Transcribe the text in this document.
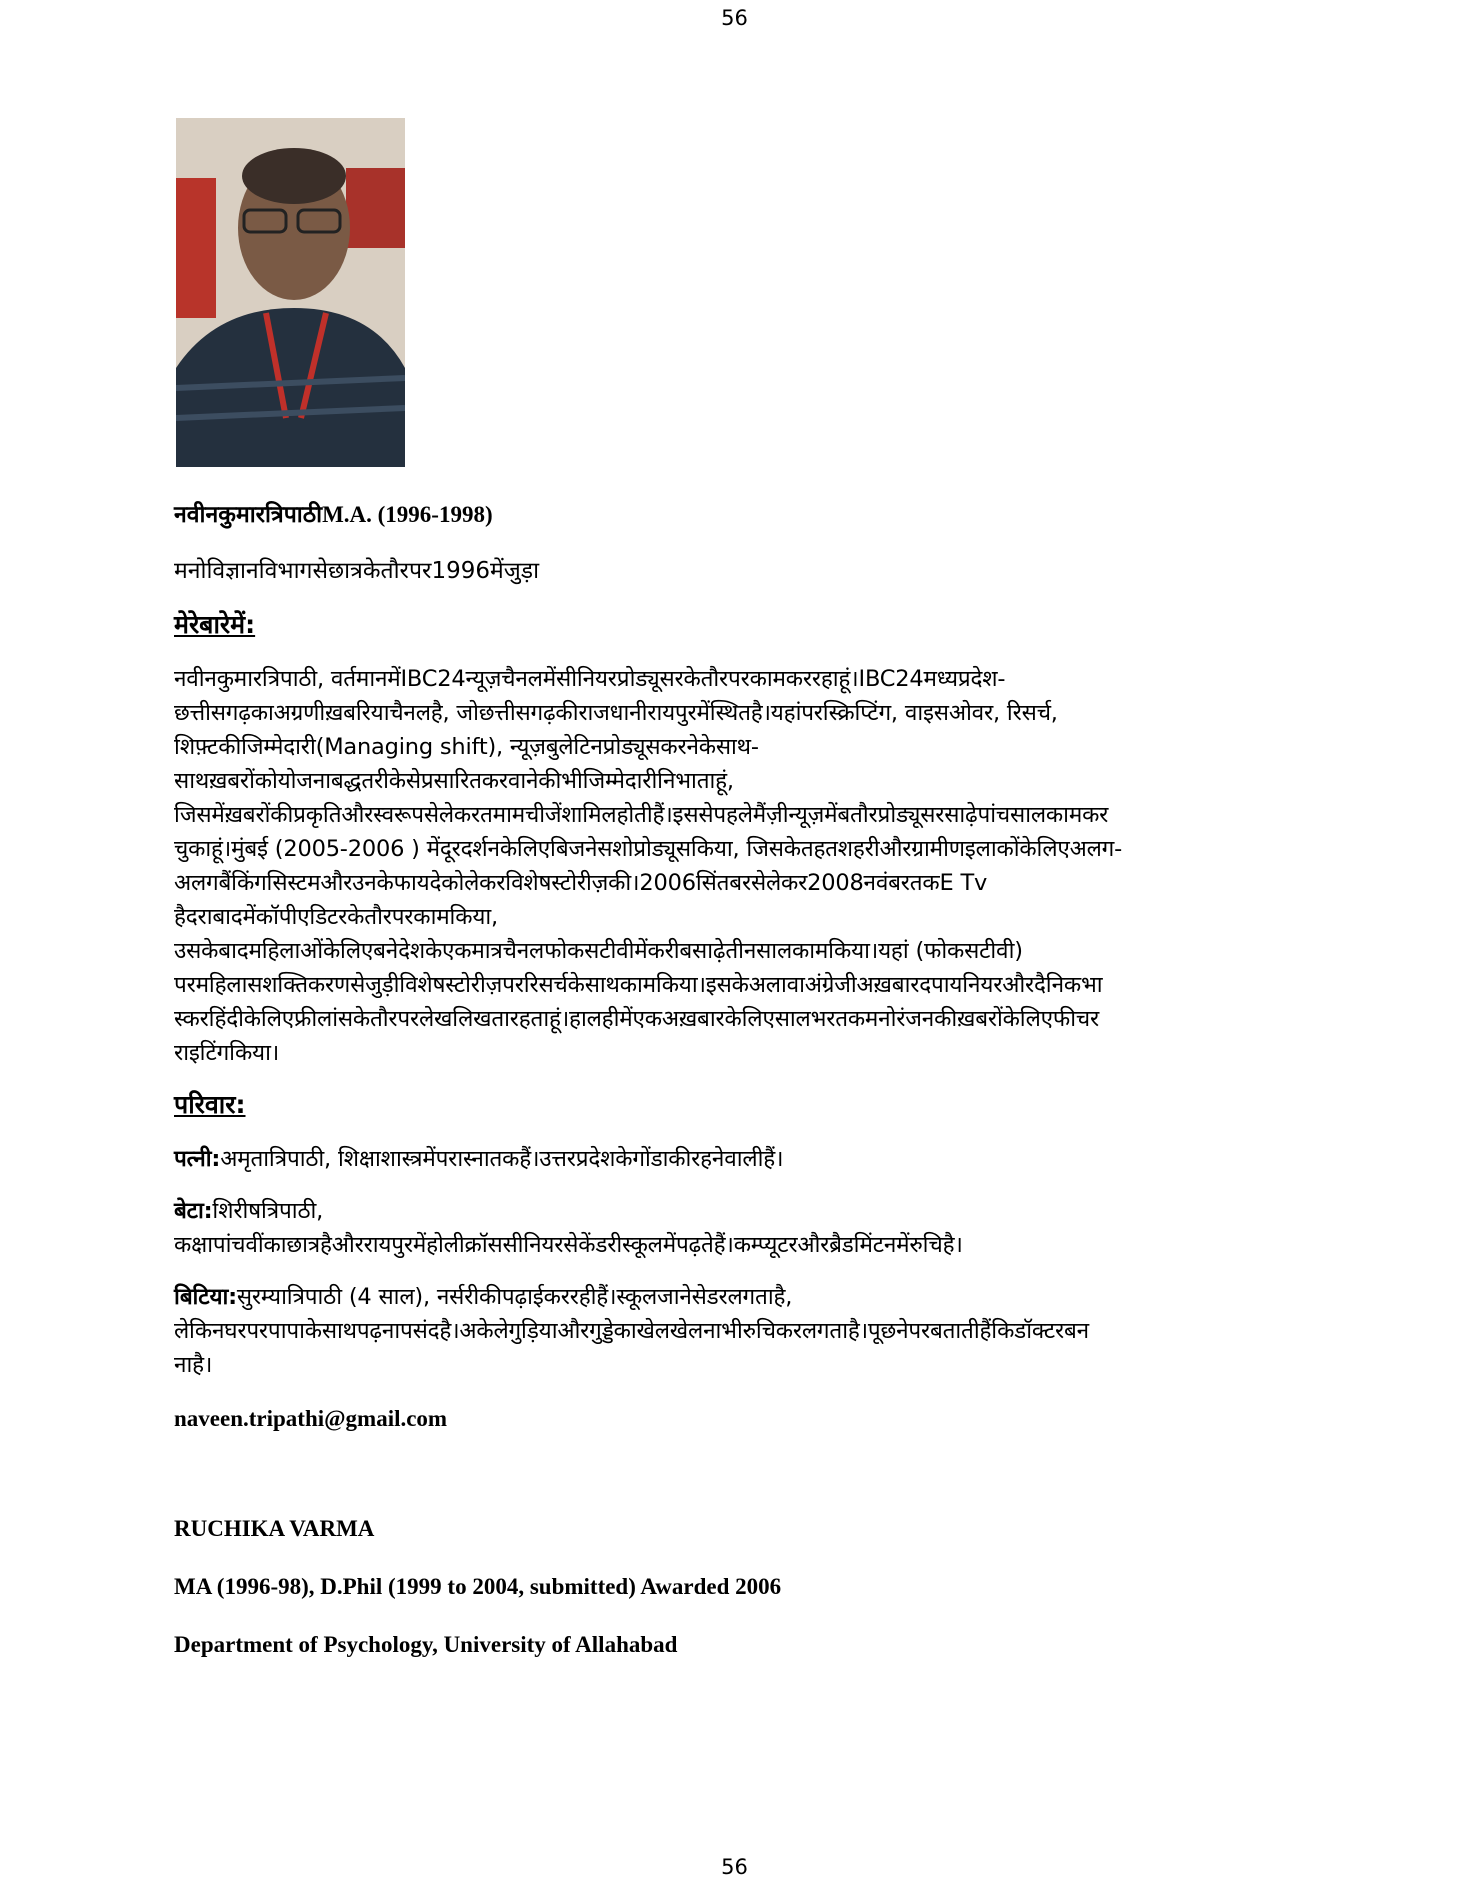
56

नवीनकुमारत्रिपाठीM.A. (1996-1998)

मनोविज्ञानविभागसेछात्रकेतौरपर1996मेंजुड़ा

मेरेबारेमें:

नवीनकुमारत्रिपाठी, वर्तमानमेंIBC24न्यूज़चैनलमेंसीनियरप्रोड्यूसरकेतौरपरकामकररहाहूं।IBC24मध्यप्रदेश-
छत्तीसगढ़काअग्रणीख़बरियाचैनलहै, जोछत्तीसगढ़कीराजधानीरायपुरमेंस्थितहै।यहांपरस्क्रिप्टिंग, वाइसओवर, रिसर्च,
शिफ़्टकीजिम्मेदारी(Managing shift), न्यूज़बुलेटिनप्रोड्यूसकरनेकेसाथ-
साथख़बरोंकोयोजनाबद्धतरीकेसेप्रसारितकरवानेकीभीजिम्मेदारीनिभाताहूं,
जिसमेंख़बरोंकीप्रकृतिऔरस्वरूपसेलेकरतमामचीजेंशामिलहोतीहैं।इससेपहलेमैंज़ीन्यूज़मेंबतौरप्रोड्यूसरसाढ़ेपांचसालकामकर
चुकाहूं।मुंबई (2005-2006 ) मेंदूरदर्शनकेलिएबिजनेसशोप्रोड्यूसकिया, जिसकेतहतशहरीऔरग्रामीणइलाकोंकेलिएअलग-
अलगबैंकिंगसिस्टमऔरउनकेफायदेकोलेकरविशेषस्टोरीज़की।2006सिंतबरसेलेकर2008नवंबरतकE Tv
हैदराबादमेंकॉपीएडिटरकेतौरपरकामकिया,
उसकेबादमहिलाओंकेलिएबनेदेशकेएकमात्रचैनलफोकसटीवीमेंकरीबसाढ़ेतीनसालकामकिया।यहां (फोकसटीवी)
परमहिलासशक्तिकरणसेजुड़ीविशेषस्टोरीज़पररिसर्चकेसाथकामकिया।इसकेअलावाअंग्रेजीअख़बारदपायनियरऔरदैनिकभा
स्करहिंदीकेलिएफ्रीलांसकेतौरपरलेखलिखतारहताहूं।हालहीमेंएकअख़बारकेलिएसालभरतकमनोरंजनकीख़बरोंकेलिएफीचर
राइटिंगकिया।

परिवार:

पत्नी:अमृतात्रिपाठी, शिक्षाशास्त्रमेंपरास्नातकहैं।उत्तरप्रदेशकेगोंडाकीरहनेवालीहैं।

बेटा:शिरीषत्रिपाठी,
कक्षापांचवींकाछात्रहैऔररायपुरमेंहोलीक्रॉससीनियरसेकेंडरीस्कूलमेंपढ़तेहैं।कम्प्यूटरऔरब्रैडमिंटनमेंरुचिहै।
बिटिया:सुरम्यात्रिपाठी (4 साल), नर्सरीकीपढ़ाईकररहीहैं।स्कूलजानेसेडरलगताहै,
लेकिनघरपरपापाकेसाथपढ़नापसंदहै।अकेलेगुड़ियाऔरगुड्डेकाखेलखेलनाभीरुचिकरलगताहै।पूछनेपरबतातीहैंकिडॉक्टरबन
नाहै।

naveen.tripathi@gmail.com

RUCHIKA VARMA

MA (1996-98), D.Phil (1999 to 2004, submitted) Awarded 2006

Department of Psychology, University of Allahabad

56
